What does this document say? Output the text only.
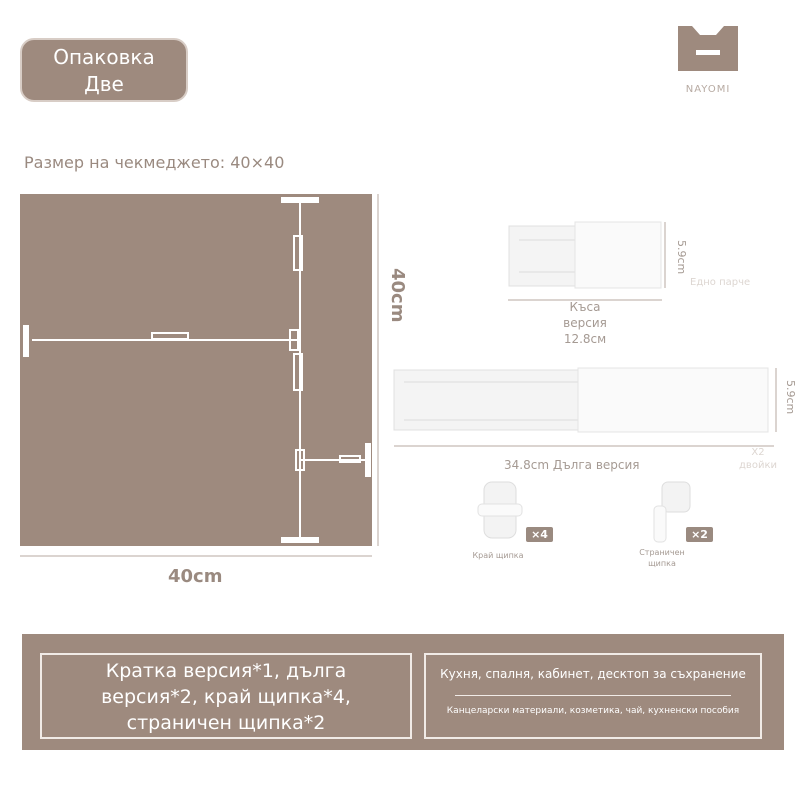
Опаковка
Две	NAYOMI
Размер на чекмеджето: 40×40
40cm
40cm
5.9cm
Едно парче
Къса
версия
12.8см
5.9cm
34.8cm Дълга версия
X2
двойки
×4
Край щипка
×2
Страничен
щипка
Кратка версия*1, дълга
версия*2, край щипка*4,
страничен щипка*2
Кухня, спалня, кабинет, десктоп за съхранение
Канцеларски материали, козметика, чай, кухненски пособия
